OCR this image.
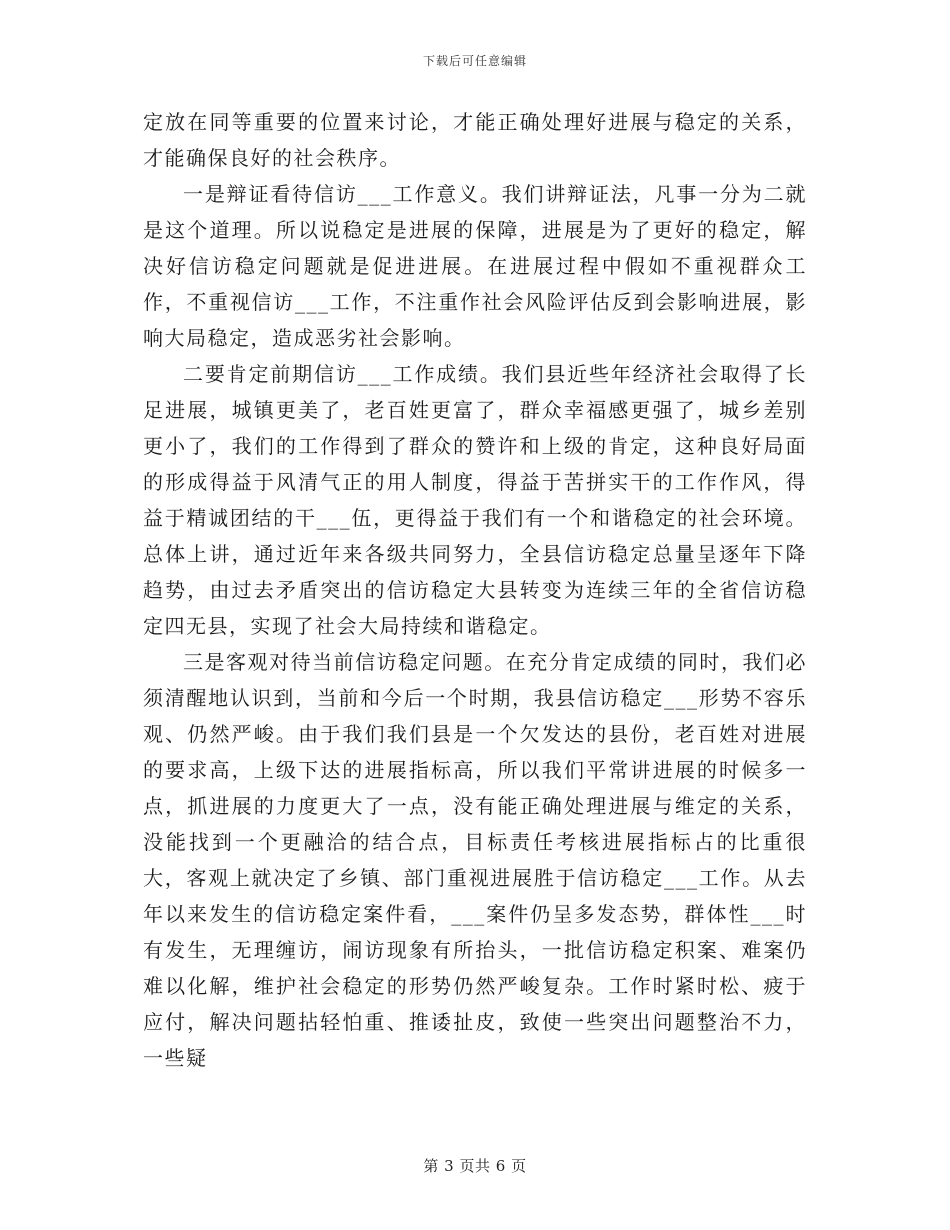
下载后可任意编辑

定放在同等重要的位置来讨论，才能正确处理好进展与稳定的关系，才能确保良好的社会秩序。

一是辩证看待信访___工作意义。我们讲辩证法，凡事一分为二就是这个道理。所以说稳定是进展的保障，进展是为了更好的稳定，解决好信访稳定问题就是促进进展。在进展过程中假如不重视群众工作，不重视信访___工作，不注重作社会风险评估反到会影响进展，影响大局稳定，造成恶劣社会影响。

二要肯定前期信访___工作成绩。我们县近些年经济社会取得了长足进展，城镇更美了，老百姓更富了，群众幸福感更强了，城乡差别更小了，我们的工作得到了群众的赞许和上级的肯定，这种良好局面的形成得益于风清气正的用人制度，得益于苦拼实干的工作作风，得益于精诚团结的干___伍，更得益于我们有一个和谐稳定的社会环境。总体上讲，通过近年来各级共同努力，全县信访稳定总量呈逐年下降趋势，由过去矛盾突出的信访稳定大县转变为连续三年的全省信访稳定四无县，实现了社会大局持续和谐稳定。

三是客观对待当前信访稳定问题。在充分肯定成绩的同时，我们必须清醒地认识到，当前和今后一个时期，我县信访稳定___形势不容乐观、仍然严峻。由于我们我们县是一个欠发达的县份，老百姓对进展的要求高，上级下达的进展指标高，所以我们平常讲进展的时候多一点，抓进展的力度更大了一点，没有能正确处理进展与维定的关系，没能找到一个更融洽的结合点，目标责任考核进展指标占的比重很大，客观上就决定了乡镇、部门重视进展胜于信访稳定___工作。从去年以来发生的信访稳定案件看，___案件仍呈多发态势，群体性___时有发生，无理缠访，闹访现象有所抬头，一批信访稳定积案、难案仍难以化解，维护社会稳定的形势仍然严峻复杂。工作时紧时松、疲于应付，解决问题拈轻怕重、推诿扯皮，致使一些突出问题整治不力，一些疑

第 3 页共 6 页
